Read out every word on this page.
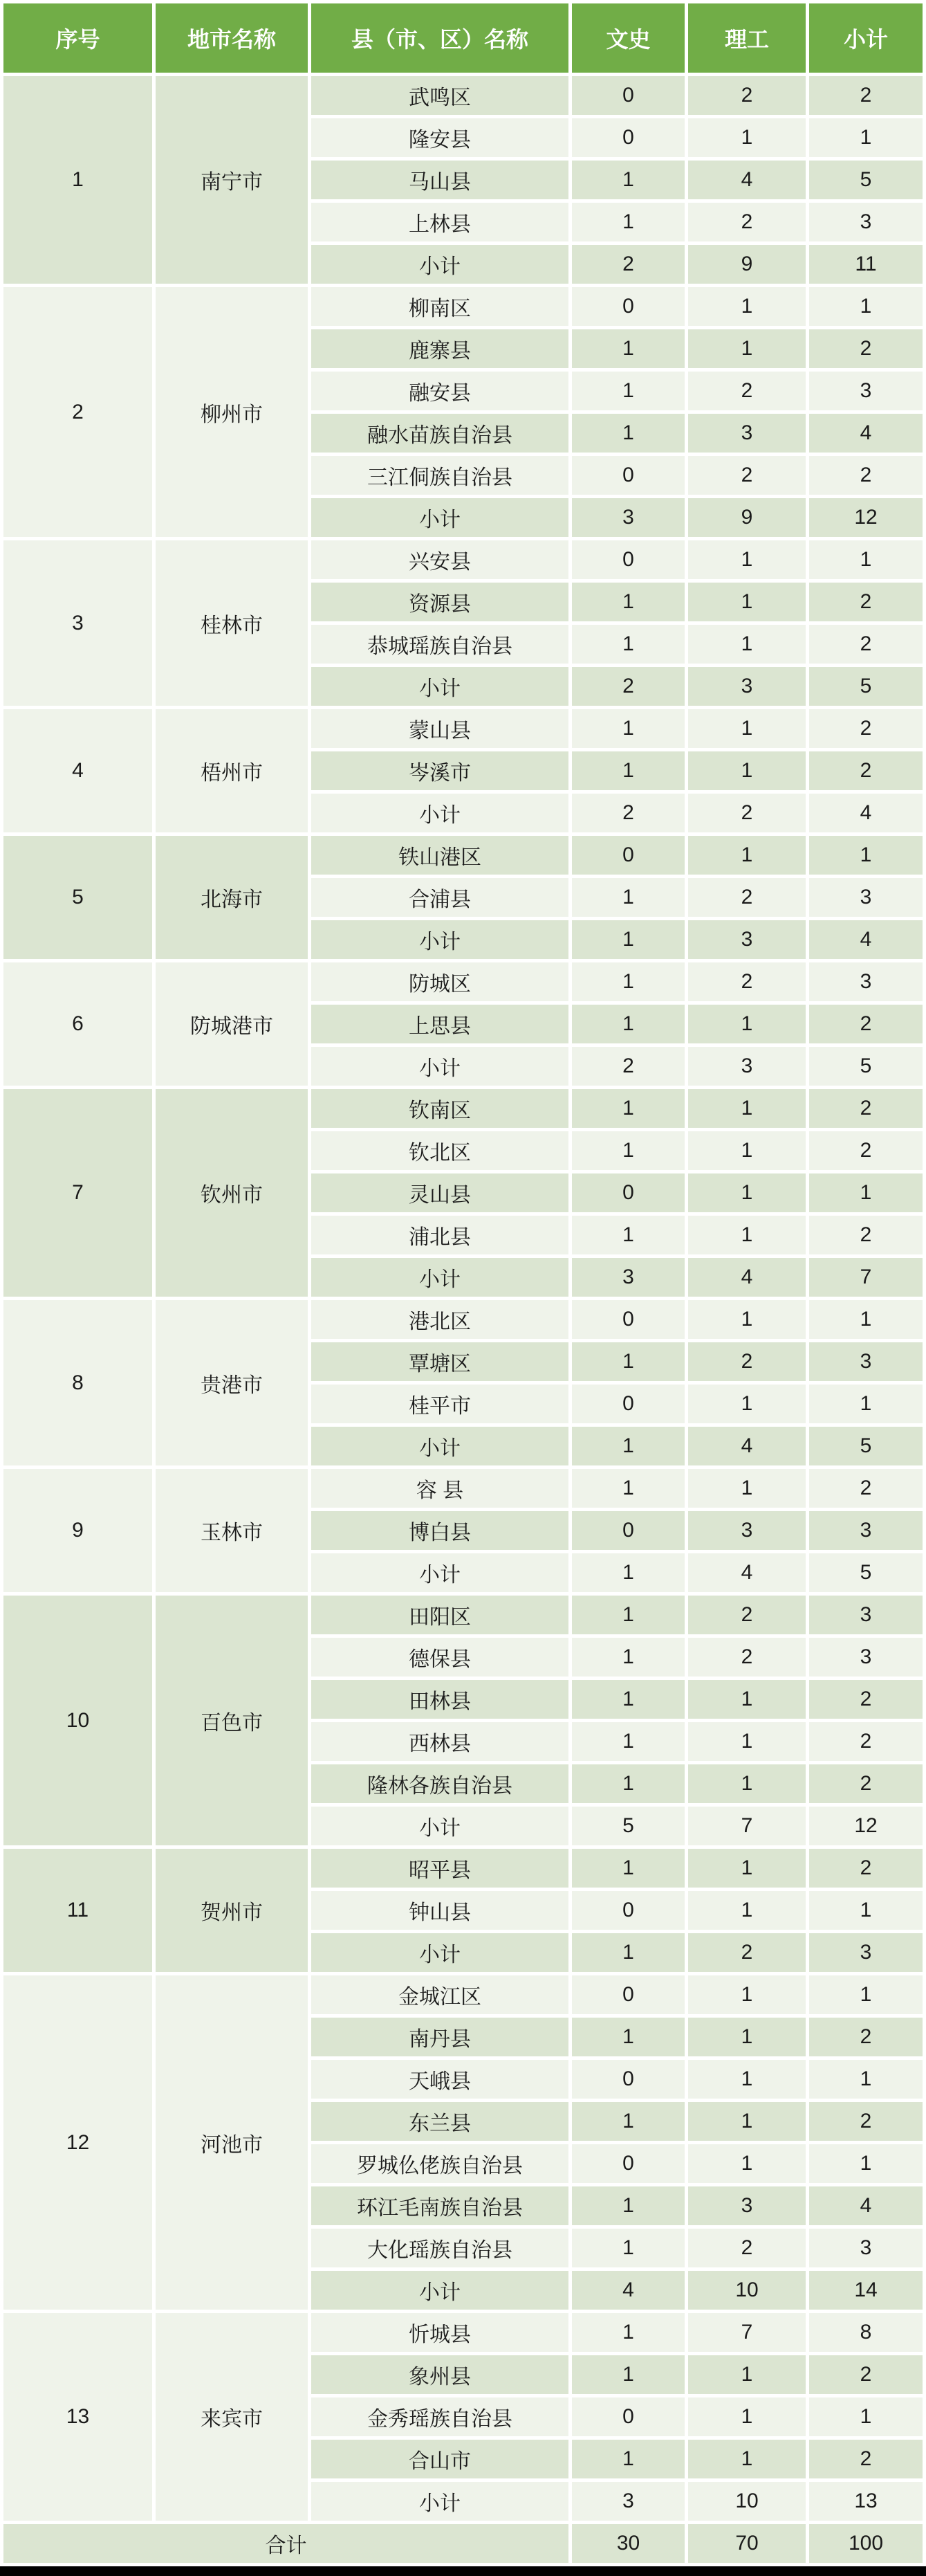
序号	地市名称	县（市、区）名称	文史	理工	小计
1	南宁市	武鸣区	0	2	2
		隆安县	0	1	1
		马山县	1	4	5
		上林县	1	2	3
		小计	2	9	11
2	柳州市	柳南区	0	1	1
		鹿寨县	1	1	2
		融安县	1	2	3
		融水苗族自治县	1	3	4
		三江侗族自治县	0	2	2
		小计	3	9	12
3	桂林市	兴安县	0	1	1
		资源县	1	1	2
		恭城瑶族自治县	1	1	2
		小计	2	3	5
4	梧州市	蒙山县	1	1	2
		岑溪市	1	1	2
		小计	2	2	4
5	北海市	铁山港区	0	1	1
		合浦县	1	2	3
		小计	1	3	4
6	防城港市	防城区	1	2	3
		上思县	1	1	2
		小计	2	3	5
7	钦州市	钦南区	1	1	2
		钦北区	1	1	2
		灵山县	0	1	1
		浦北县	1	1	2
		小计	3	4	7
8	贵港市	港北区	0	1	1
		覃塘区	1	2	3
		桂平市	0	1	1
		小计	1	4	5
9	玉林市	容 县	1	1	2
		博白县	0	3	3
		小计	1	4	5
10	百色市	田阳区	1	2	3
		德保县	1	2	3
		田林县	1	1	2
		西林县	1	1	2
		隆林各族自治县	1	1	2
		小计	5	7	12
11	贺州市	昭平县	1	1	2
		钟山县	0	1	1
		小计	1	2	3
12	河池市	金城江区	0	1	1
		南丹县	1	1	2
		天峨县	0	1	1
		东兰县	1	1	2
		罗城仫佬族自治县	0	1	1
		环江毛南族自治县	1	3	4
		大化瑶族自治县	1	2	3
		小计	4	10	14
13	来宾市	忻城县	1	7	8
		象州县	1	1	2
		金秀瑶族自治县	0	1	1
		合山市	1	1	2
		小计	3	10	13
合计			30	70	100
